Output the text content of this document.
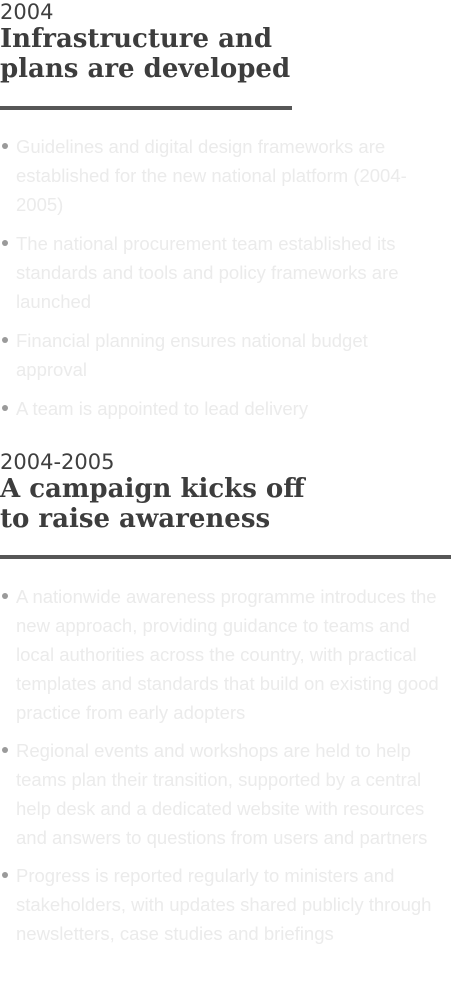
2004

Infrastructure and
plans are developed
Guidelines and digital design frameworks are established for the new national platform (2004-2005)
The national procurement team established its standards and tools and policy frameworks are launched
Financial planning ensures national budget approval
A team is appointed to lead delivery

2004-2005

A campaign kicks off
to raise awareness
A nationwide awareness programme introduces the new approach, providing guidance to teams and local authorities across the country, with practical templates and standards that build on existing good practice from early adopters
Regional events and workshops are held to help teams plan their transition, supported by a central help desk and a dedicated website with resources and answers to questions from users and partners
Progress is reported regularly to ministers and stakeholders, with updates shared publicly through newsletters, case studies and briefings
